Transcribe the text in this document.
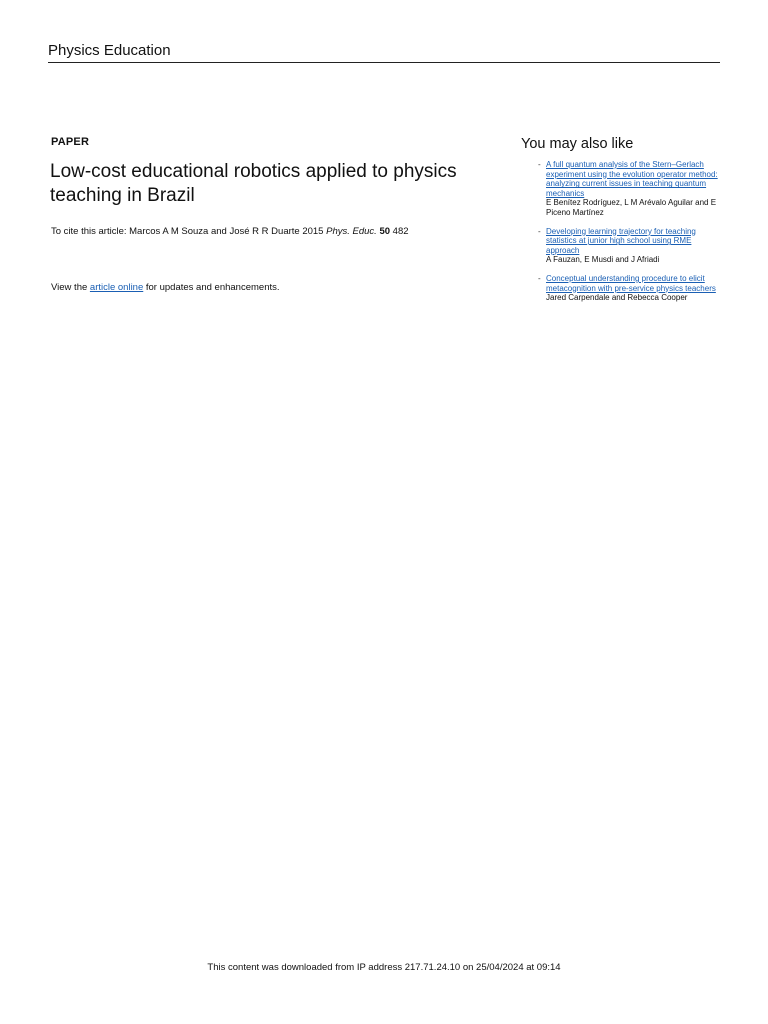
Physics Education
PAPER
Low-cost educational robotics applied to physics teaching in Brazil
To cite this article: Marcos A M Souza and José R R Duarte 2015 Phys. Educ. 50 482
View the article online for updates and enhancements.
You may also like
- A full quantum analysis of the Stern–Gerlach experiment using the evolution operator method: analyzing current issues in teaching quantum mechanics
E Benítez Rodríguez, L M Arévalo Aguilar and E Piceno Martínez
- Developing learning trajectory for teaching statistics at junior high school using RME approach
A Fauzan, E Musdi and J Afriadi
- Conceptual understanding procedure to elicit metacognition with pre-service physics teachers
Jared Carpendale and Rebecca Cooper
This content was downloaded from IP address 217.71.24.10 on 25/04/2024 at 09:14
